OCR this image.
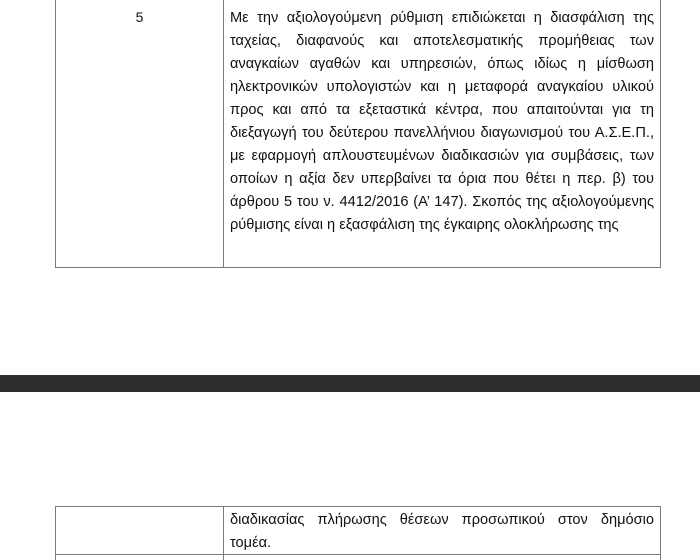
5	Με την αξιολογούμενη ρύθμιση επιδιώκεται η διασφάλιση της ταχείας, διαφανούς και αποτελεσματικής προμήθειας των αναγκαίων αγαθών και υπηρεσιών, όπως ιδίως η μίσθωση ηλεκτρονικών υπολογιστών και η μεταφορά αναγκαίου υλικού προς και από τα εξεταστικά κέντρα, που απαιτούνται για τη διεξαγωγή του δεύτερου πανελλήνιου διαγωνισμού του Α.Σ.Ε.Π., με εφαρμογή απλουστευμένων διαδικασιών για συμβάσεις, των οποίων η αξία δεν υπερβαίνει τα όρια που θέτει η περ. β) του άρθρου 5 του ν. 4412/2016 (Α’ 147). Σκοπός της αξιολογούμενης ρύθμισης είναι η εξασφάλιση της έγκαιρης ολοκλήρωσης της

διαδικασίας πλήρωσης θέσεων προσωπικού στον δημόσιο τομέα.
